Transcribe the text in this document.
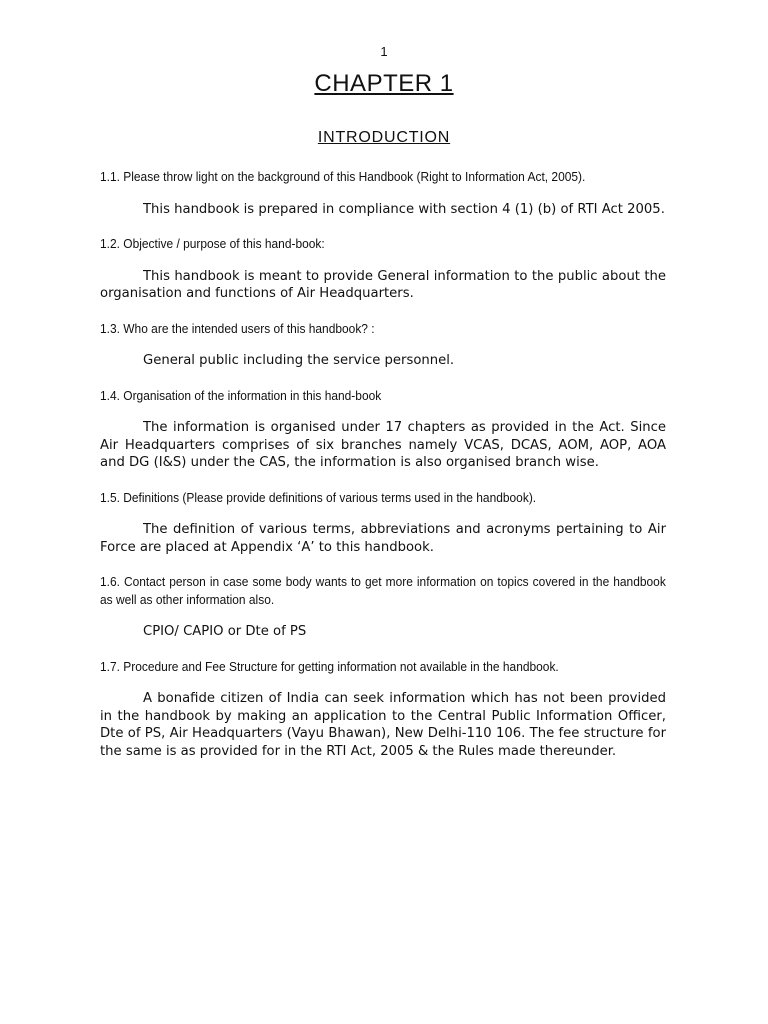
1
CHAPTER 1
INTRODUCTION

1.1. Please throw light on the background of this Handbook (Right to Information Act, 2005).

This handbook is prepared in compliance with section 4 (1) (b) of RTI Act 2005.

1.2. Objective / purpose of this hand-book:

This handbook is meant to provide General information to the public about the organisation and functions of Air Headquarters.

1.3. Who are the intended users of this handbook? :

General public including the service personnel.

1.4. Organisation of the information in this hand-book

The information is organised under 17 chapters as provided in the Act. Since Air Headquarters comprises of six branches namely VCAS, DCAS, AOM, AOP, AOA and DG (I&S) under the CAS, the information is also organised branch wise.

1.5. Definitions (Please provide definitions of various terms used in the handbook).

The definition of various terms, abbreviations and acronyms pertaining to Air Force are placed at Appendix ‘A’ to this handbook.

1.6. Contact person in case some body wants to get more information on topics covered in the handbook as well as other information also.

CPIO/ CAPIO or Dte of PS

1.7. Procedure and Fee Structure for getting information not available in the handbook.

A bonafide citizen of India can seek information which has not been provided in the handbook by making an application to the Central Public Information Officer, Dte of PS, Air Headquarters (Vayu Bhawan), New Delhi-110 106. The fee structure for the same is as provided for in the RTI Act, 2005 & the Rules made thereunder.
